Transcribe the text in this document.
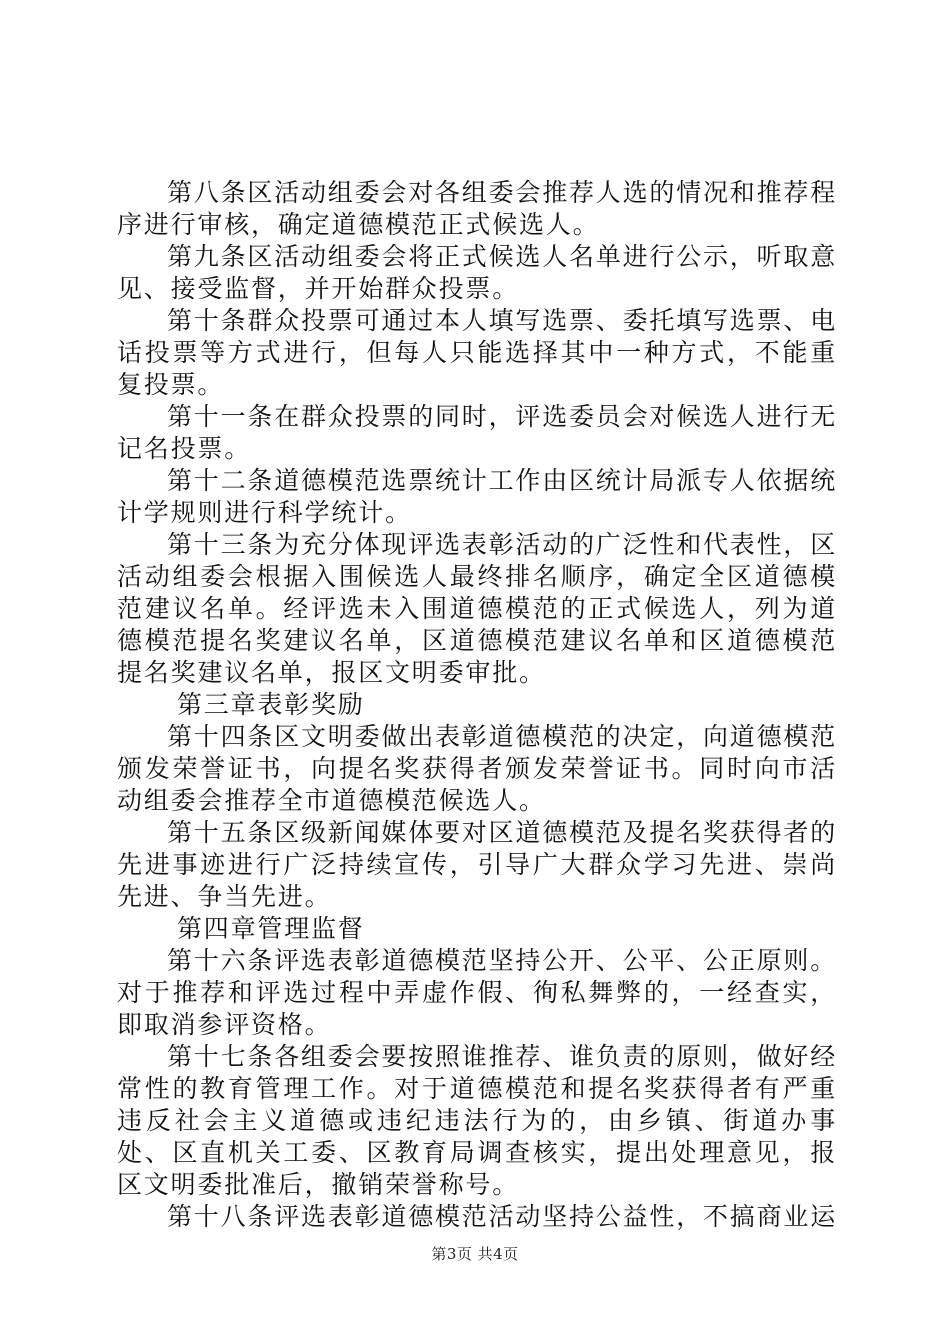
第八条区活动组委会对各组委会推荐人选的情况和推荐程序进行审核，确定道德模范正式候选人。

第九条区活动组委会将正式候选人名单进行公示，听取意见、接受监督，并开始群众投票。

第十条群众投票可通过本人填写选票、委托填写选票、电话投票等方式进行，但每人只能选择其中一种方式，不能重复投票。

第十一条在群众投票的同时，评选委员会对候选人进行无记名投票。

第十二条道德模范选票统计工作由区统计局派专人依据统计学规则进行科学统计。

第十三条为充分体现评选表彰活动的广泛性和代表性，区活动组委会根据入围候选人最终排名顺序，确定全区道德模范建议名单。经评选未入围道德模范的正式候选人，列为道德模范提名奖建议名单，区道德模范建议名单和区道德模范提名奖建议名单，报区文明委审批。

第三章表彰奖励

第十四条区文明委做出表彰道德模范的决定，向道德模范颁发荣誉证书，向提名奖获得者颁发荣誉证书。同时向市活动组委会推荐全市道德模范候选人。

第十五条区级新闻媒体要对区道德模范及提名奖获得者的先进事迹进行广泛持续宣传，引导广大群众学习先进、崇尚先进、争当先进。

第四章管理监督

第十六条评选表彰道德模范坚持公开、公平、公正原则。对于推荐和评选过程中弄虚作假、徇私舞弊的，一经查实，即取消参评资格。

第十七条各组委会要按照谁推荐、谁负责的原则，做好经常性的教育管理工作。对于道德模范和提名奖获得者有严重违反社会主义道德或违纪违法行为的，由乡镇、街道办事处、区直机关工委、区教育局调查核实，提出处理意见，报区文明委批准后，撤销荣誉称号。

第十八条评选表彰道德模范活动坚持公益性，不搞商业运

第3页 共4页
